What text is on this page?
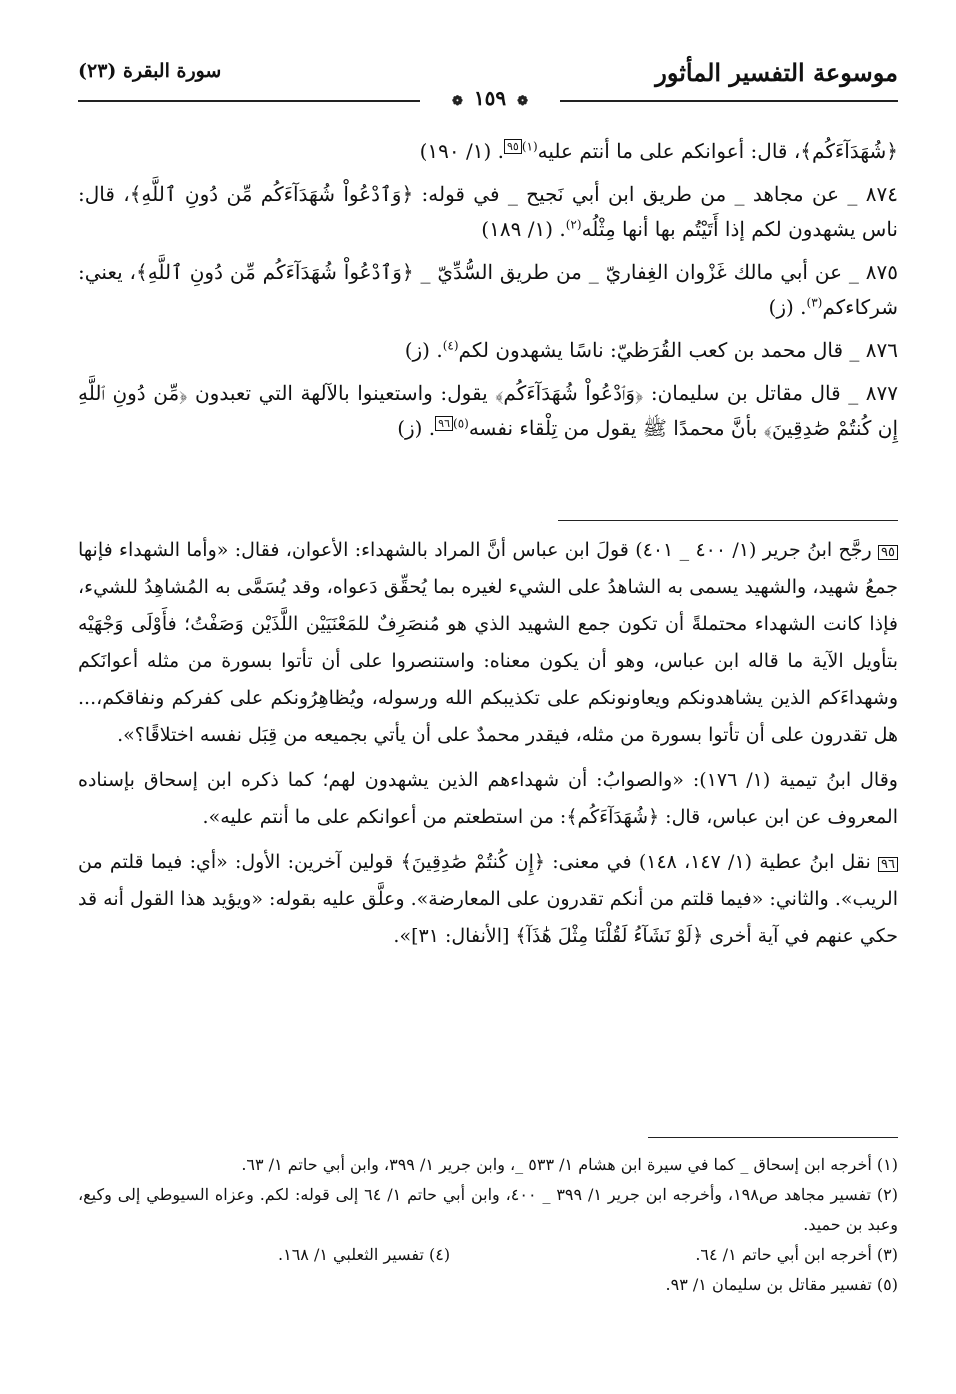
موسوعة التفسير المأثور
سورة البقرة (٢٣)
❁ ١٥٩ ❁

﴿شُهَدَآءَكُم﴾، قال: أعوانكم على ما أنتم عليه$^{(١)}$٩٥. (١/ ١٩٠)

٨٧٤ _ عن مجاهد _ من طريق ابن أبي نَجيح _ في قوله: ﴿وَٱدْعُواْ شُهَدَآءَكُم مِّن دُونِ ٱللَّهِ﴾، قال: ناس يشهدون لكم إذا أَتَيْتُم بها أنها مِثْلُه$^{(٢)}$. (١/ ١٨٩)

٨٧٥ _ عن أبي مالك غَزْوان الغِفاريّ _ من طريق السُّدِّيّ _ ﴿وَٱدْعُواْ شُهَدَآءَكُم مِّن دُونِ ٱللَّهِ﴾، يعني: شركاءكم$^{(٣)}$. (ز)

٨٧٦ _ قال محمد بن كعب القُرَظيّ: ناسًا يشهدون لكم$^{(٤)}$. (ز)

٨٧٧ _ قال مقاتل بن سليمان: ﴿وَٱدْعُواْ شُهَدَآءَكُم﴾ يقول: واستعينوا بالآلهة التي تعبدون ﴿مِّن دُونِ ٱللَّهِ إِن كُنتُمْ صَٰدِقِينَ﴾ بأنَّ محمدًا ﷺ يقول من تِلْقاء نفسه$^{(٥)}$٩٦. (ز)

٩٥ رجَّح ابنُ جرير (١/ ٤٠٠ _ ٤٠١) قولَ ابن عباس أنَّ المراد بالشهداء: الأعوان، فقال: «وأما الشهداء فإنها جمعُ شهيد، والشهيد يسمى به الشاهدُ على الشيء لغيره بما يُحقِّق دَعواه، وقد يُسَمَّى به المُشاهِدُ للشيء، فإذا كانت الشهداء محتملةً أن تكون جمع الشهيد الذي هو مُنصَرِفٌ للمَعْنَيَيْن اللَّذَيْن وَصَفْتُ؛ فأَوْلَى وَجْهَيْه بتأويل الآية ما قاله ابن عباس، وهو أن يكون معناه: واستنصروا على أن تأتوا بسورة من مثله أعوانَكم وشهداءَكم الذين يشاهدونكم ويعاونونكم على تكذيبكم الله ورسوله، ويُظاهِرُونكم على كفركم ونفاقكم،... هل تقدرون على أن تأتوا بسورة من مثله، فيقدر محمدٌ على أن يأتي بجميعه من قِبَل نفسه اختلاقًا؟».

وقال ابنُ تيمية (١/ ١٧٦): «والصوابُ: أن شهداءهم الذين يشهدون لهم؛ كما ذكره ابن إسحاق بإسناده المعروف عن ابن عباس، قال: ﴿شُهَدَآءَكُم﴾: من استطعتم من أعوانكم على ما أنتم عليه».

٩٦ نقل ابنُ عطية (١/ ١٤٧، ١٤٨) في معنى: ﴿إِن كُنتُمْ صَٰدِقِينَ﴾ قولين آخرين: الأول: «أي: فيما قلتم من الريب». والثاني: «فيما قلتم من أنكم تقدرون على المعارضة». وعلَّق عليه بقوله: «ويؤيد هذا القول أنه قد حكي عنهم في آية أخرى ﴿لَوْ نَشَآءُ لَقُلْنَا مِثْلَ هَٰذَآ﴾ [الأنفال: ٣١]».

(١) أخرجه ابن إسحاق _ كما في سيرة ابن هشام ١/ ٥٣٣ _، وابن جرير ١/ ٣٩٩، وابن أبي حاتم ١/ ٦٣.
(٢) تفسير مجاهد ص١٩٨، وأخرجه ابن جرير ١/ ٣٩٩ _ ٤٠٠، وابن أبي حاتم ١/ ٦٤ إلى قوله: لكم. وعزاه السيوطي إلى وكيع، وعبد بن حميد.
(٣) أخرجه ابن أبي حاتم ١/ ٦٤.
(٤) تفسير الثعلبي ١/ ١٦٨.
(٥) تفسير مقاتل بن سليمان ١/ ٩٣.
